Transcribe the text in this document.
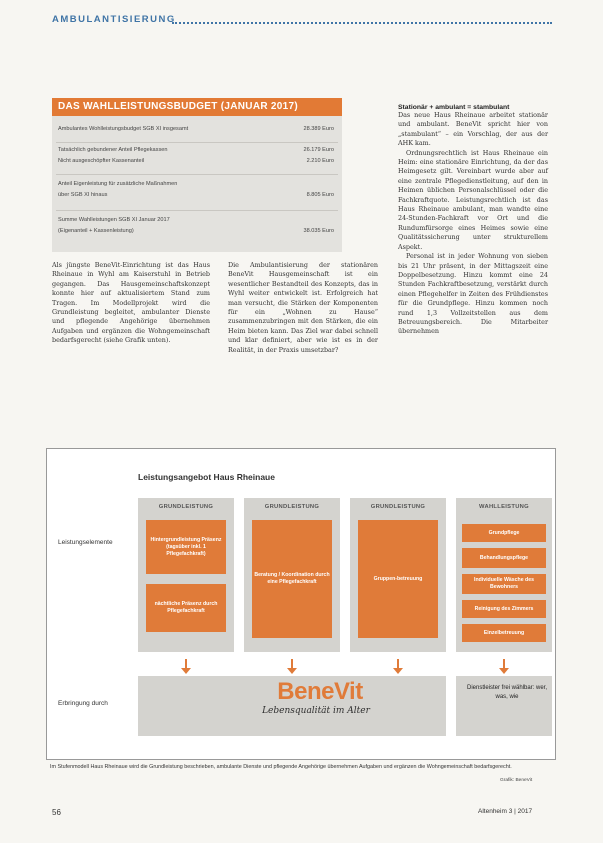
AMBULANTISIERUNG
DAS WAHLLEISTUNGSBUDGET (JANUAR 2017)
Ambulantes Wohlleistungsbudget SGB XI insgesamt	28.389 Euro
Tatsächlich gebundener Anteil Pflegekassen	26.179 Euro
Nicht ausgeschöpfter Kassenanteil	2.210 Euro
Anteil Eigenleistung für zusätzliche Maßnahmen
über SGB XI hinaus	8.805 Euro
Summe Wahlleistungen SGB XI Januar 2017
(Eigenanteil + Kassenleistung)	38.035 Euro

Als jüngste BeneVit-Einrichtung ist das Haus Rheinaue in Wyhl am Kaiserstuhl in Betrieb gegangen. Das Hausgemeinschaftskonzept konnte hier auf aktualisiertem Stand zum Tragen. Im Modellprojekt wird die Grundleistung begleitet, ambulanter Dienste und pflegende Angehörige übernehmen Aufgaben und ergänzen die Wohngemeinschaft bedarfsgerecht (siehe Grafik unten).

Die Ambulantisierung der stationären BeneVit Hausgemeinschaft ist ein wesentlicher Bestandteil des Konzepts, das in Wyhl weiter entwickelt ist. Erfolgreich hat man versucht, die Stärken der Komponenten für ein „Wohnen zu Hause“ zusammenzubringen mit den Stärken, die ein Heim bieten kann. Das Ziel war dabei schnell und klar definiert, aber wie ist es in der Realität, in der Praxis umsetzbar?

Stationär + ambulant = stambulant

Das neue Haus Rheinaue arbeitet stationär und ambulant. BeneVit spricht hier von „stambulant“ – ein Vorschlag, der aus der AHK kam.

Ordnungsrechtlich ist Haus Rheinaue ein Heim: eine stationäre Einrichtung, da der das Heimgesetz gilt. Vereinbart wurde aber auf eine zentrale Pflegedienstleitung, auf den in Heimen üblichen Personalschlüssel oder die Fachkraftquote. Leistungsrechtlich ist das Haus Rheinaue ambulant, man wandte eine 24-Stunden-Fachkraft vor Ort und die Rundumfürsorge eines Heimes sowie eine Qualitätssicherung unter strukturellem Aspekt.

Personal ist in jeder Wohnung von sieben bis 21 Uhr präsent, in der Mittagszeit eine Doppelbesetzung. Hinzu kommt eine 24 Stunden Fachkraftbesetzung, verstärkt durch einen Pflegehelfer in Zeiten des Frühdienstes für die Grundpflege. Hinzu kommen noch rund 1,3 Vollzeitstellen aus dem Betreuungsbereich. Die Mitarbeiter übernehmen

Leistungsangebot Haus Rheinaue
Leistungselemente
Erbringung durch
GRUNDLEISTUNG	GRUNDLEISTUNG	GRUNDLEISTUNG	WAHLLEISTUNG
Hintergrundleistung Präsenz (tagsüber inkl. 1 Pflegefachkraft)
nächtliche Präsenz durch Pflegefachkraft
Beratung / Koordination durch eine Pflegefachkraft
Gruppen-betreuung
Grundpflege
Behandlungspflege
Individuelle Wäsche des Bewohners
Reinigung des Zimmers
Einzelbetreuung
BeneVit
Lebensqualität im Alter
Dienstleister frei wählbar: wer, was, wie
Im Stufenmodell Haus Rheinaue wird die Grundleistung beschrieben, ambulante Dienste und pflegende Angehörige übernehmen Aufgaben und ergänzen die Wohngemeinschaft bedarfsgerecht.
Grafik: BeneVit
56	Altenheim 3 | 2017
